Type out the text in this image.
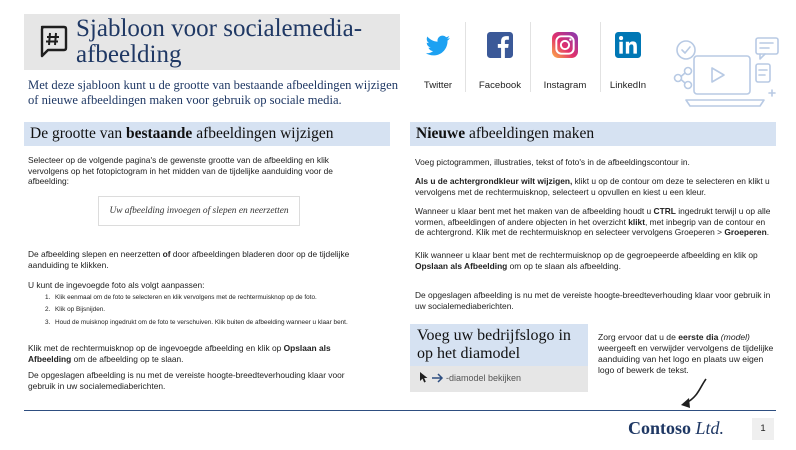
Sjabloon voor socialemedia-afbeelding
Met deze sjabloon kunt u de grootte van bestaande afbeeldingen wijzigen of nieuwe afbeeldingen maken voor gebruik op sociale media.
Twitter	Facebook	Instagram	LinkedIn
De grootte van bestaande afbeeldingen wijzigen
Selecteer op de volgende pagina's de gewenste grootte van de afbeelding en klik vervolgens op het fotopictogram in het midden van de tijdelijke aanduiding voor de afbeelding:
Uw afbeelding invoegen of slepen en neerzetten
De afbeelding slepen en neerzetten of door afbeeldingen bladeren door op de tijdelijke aanduiding te klikken.
U kunt de ingevoegde foto als volgt aanpassen:
1. Klik eenmaal om de foto te selecteren en klik vervolgens met de rechtermuisknop op de foto.
2. Klik op Bijsnijden.
3. Houd de muisknop ingedrukt om de foto te verschuiven. Klik buiten de afbeelding wanneer u klaar bent.
Klik met de rechtermuisknop op de ingevoegde afbeelding en klik op Opslaan als Afbeelding om de afbeelding op te slaan.
De opgeslagen afbeelding is nu met de vereiste hoogte-breedteverhouding klaar voor gebruik in uw socialemediaberichten.
Nieuwe afbeeldingen maken
Voeg pictogrammen, illustraties, tekst of foto's in de afbeeldingscontour in.
Als u de achtergrondkleur wilt wijzigen, klikt u op de contour om deze te selecteren en klikt u vervolgens met de rechtermuisknop, selecteert u opvullen en kiest u een kleur.
Wanneer u klaar bent met het maken van de afbeelding houdt u CTRL ingedrukt terwijl u op alle vormen, afbeeldingen of andere objecten in het overzicht klikt, met inbegrip van de contour en de achtergrond. Klik met de rechtermuisknop en selecteer vervolgens Groeperen > Groeperen.
Klik wanneer u klaar bent met de rechtermuisknop op de gegroepeerde afbeelding en klik op Opslaan als Afbeelding om op te slaan als afbeelding.
De opgeslagen afbeelding is nu met de vereiste hoogte-breedteverhouding klaar voor gebruik in uw socialemediaberichten.
Voeg uw bedrijfslogo in op het diamodel
-diamodel bekijken
Zorg ervoor dat u de eerste dia (model) weergeeft en verwijder vervolgens de tijdelijke aanduiding van het logo en plaats uw eigen logo of bewerk de tekst.
Contoso Ltd.	1
